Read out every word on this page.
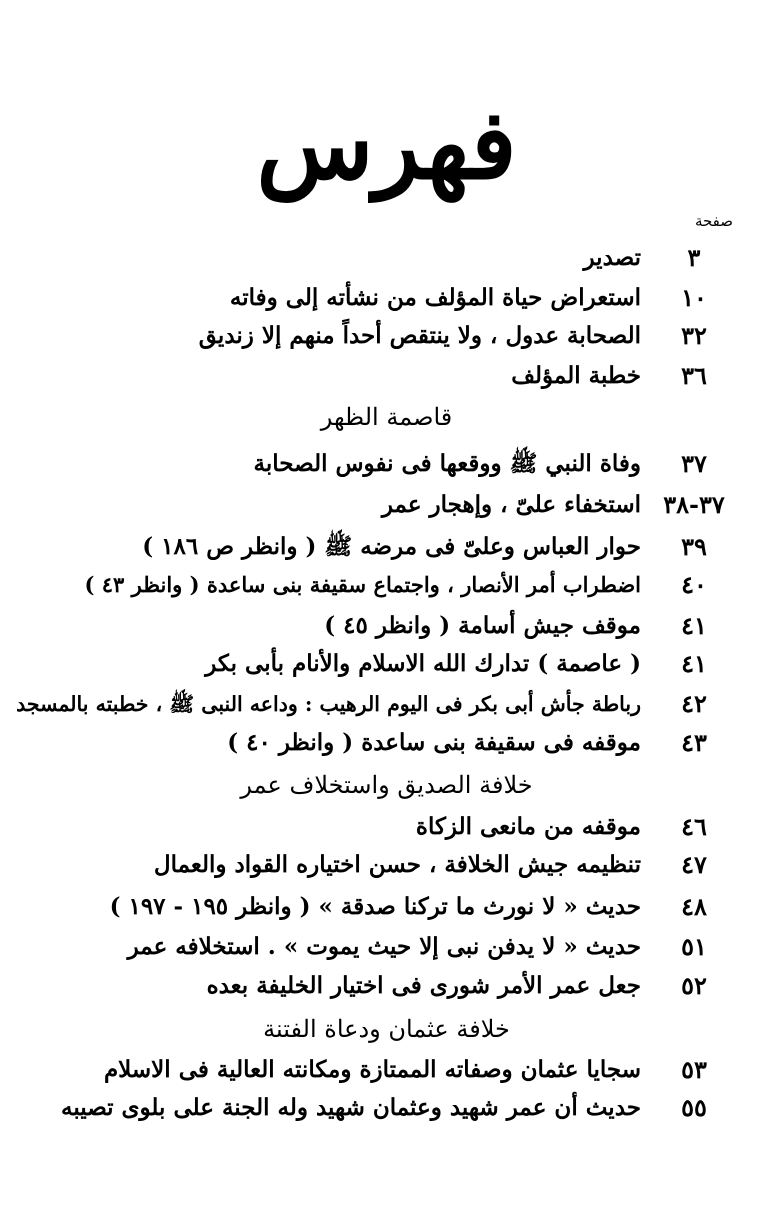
فهرس
صفحة
٣
تصدير
١٠
استعراض حياة المؤلف من نشأته إلى وفاته
٣٢
الصحابة عدول ، ولا ينتقص أحداً منهم إلا زنديق
٣٦
خطبة المؤلف
قاصمة الظهر
٣٧
وفاة النبي ﷺ ووقعها فى نفوس الصحابة
٣٧-٣٨
استخفاء علىّ ، وإهجار عمر
٣٩
حوار العباس وعلىّ فى مرضه ﷺ ( وانظر ص ١٨٦ )
٤٠
اضطراب أمر الأنصار ، واجتماع سقيفة بنى ساعدة ( وانظر ٤٣ )
٤١
موقف جيش أسامة ( وانظر ٤٥ )
٤١
( عاصمة ) تدارك الله الاسلام والأنام بأبى بكر
٤٢
رباطة جأش أبى بكر فى اليوم الرهيب : وداعه النبى ﷺ ، خطبته بالمسجد
٤٣
موقفه فى سقيفة بنى ساعدة ( وانظر ٤٠ )
خلافة الصديق واستخلاف عمر
٤٦
موقفه من مانعى الزكاة
٤٧
تنظيمه جيش الخلافة ، حسن اختياره القواد والعمال
٤٨
حديث « لا نورث ما تركنا صدقة » ( وانظر ١٩٥ - ١٩٧ )
٥١
حديث « لا يدفن نبى إلا حيث يموت » . استخلافه عمر
٥٢
جعل عمر الأمر شورى فى اختيار الخليفة بعده
خلافة عثمان ودعاة الفتنة
٥٣
سجايا عثمان وصفاته الممتازة ومكانته العالية فى الاسلام
٥٥
حديث أن عمر شهيد وعثمان شهيد وله الجنة على بلوى تصيبه
